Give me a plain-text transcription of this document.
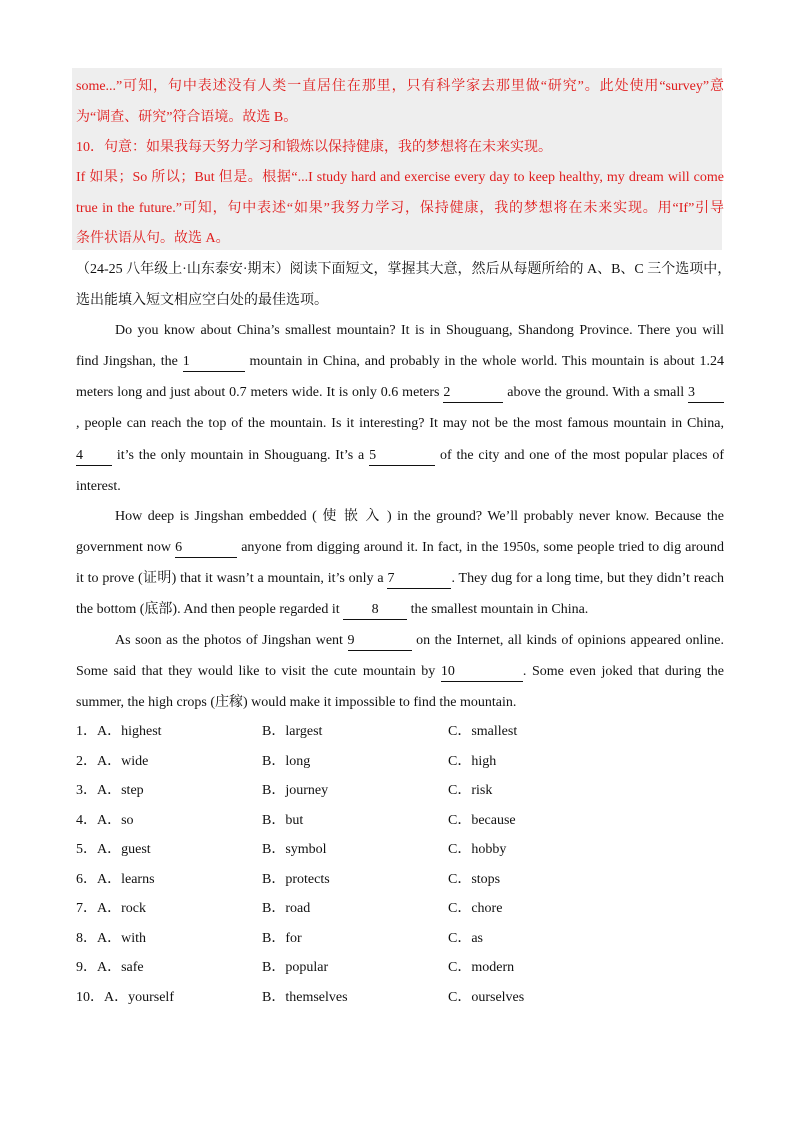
some...”可知，句中表述没有人类一直居住在那里，只有科学家去那里做“研究”。此处使用“survey”意
为“调查、研究”符合语境。故选 B。
10．句意：如果我每天努力学习和锻炼以保持健康，我的梦想将在未来实现。
If 如果；So 所以；But 但是。根据“...I study hard and exercise every day to keep healthy, my dream will come
true in the future.”可知，句中表述“如果”我努力学习，保持健康，我的梦想将在未来实现。用“If”引导
条件状语从句。故选 A。
（24-25 八年级上·山东泰安·期末）阅读下面短文，掌握其大意，然后从每题所给的 A、B、C 三个选项中，
选出能填入短文相应空白处的最佳选项。
Do you know about China’s smallest mountain? It is in Shouguang, Shandong Province. There you will
find Jingshan, the 1	mountain in China, and probably in the whole world. This mountain is about 1.24
meters long and just about 0.7 meters wide. It is only 0.6 meters 2	above the ground. With a small 3
, people can reach the top of the mountain. Is it interesting? It may not be the most famous mountain in China,
4 it’s the only mountain in Shouguang. It’s a 5	of the city and one of the most popular places of
interest.
How deep is Jingshan embedded ( 使 嵌 入 ) in the ground? We’ll probably never know. Because the
government now 6	anyone from digging around it. In fact, in the 1950s, some people tried to dig around
it to prove (证明) that it wasn’t a mountain, it’s only a 7	. They dug for a long time, but they didn’t reach
the bottom (底部). And then people regarded it 8 the smallest mountain in China.
As soon as the photos of Jingshan went 9	on the Internet, all kinds of opinions appeared online.
Some said that they would like to visit the cute mountain by 10	. Some even joked that during the
summer, the high crops (庄稼) would make it impossible to find the mountain.
1．A．highest	B．largest	C．smallest
2．A．wide	B．long	C．high
3．A．step	B．journey	C．risk
4．A．so	B．but	C．because
5．A．guest	B．symbol	C．hobby
6．A．learns	B．protects	C．stops
7．A．rock	B．road	C．chore
8．A．with	B．for	C．as
9．A．safe	B．popular	C．modern
10．A．yourself	B．themselves	C．ourselves
